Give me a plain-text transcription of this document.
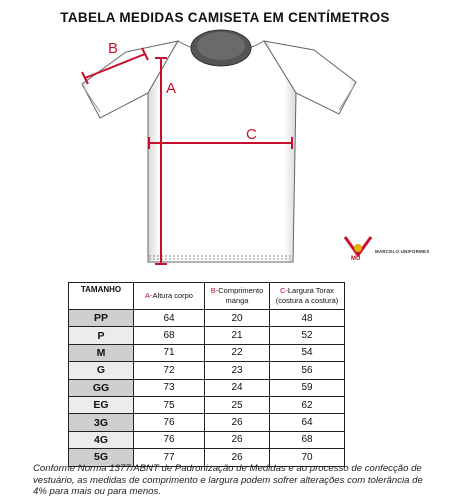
TABELA MEDIDAS CAMISETA EM CENTÍMETROS
B
A
C
MU
MARCELO UNIFORMES
TAMANHO	A-Altura corpo	B-Comprimento
manga	C-Largura Torax
(costura a costura)

PP	64	20	48
P	68	21	52
M	71	22	54
G	72	23	56
GG	73	24	59
EG	75	25	62
3G	76	26	64
4G	76	26	68
5G	77	26	70
Conforme Norma 1377/ABNT de Padronização de Medidas e ao processo de confecção de vestuário, as medidas de comprimento e largura podem sofrer alterações com tolerância de 4% para mais ou para menos.
